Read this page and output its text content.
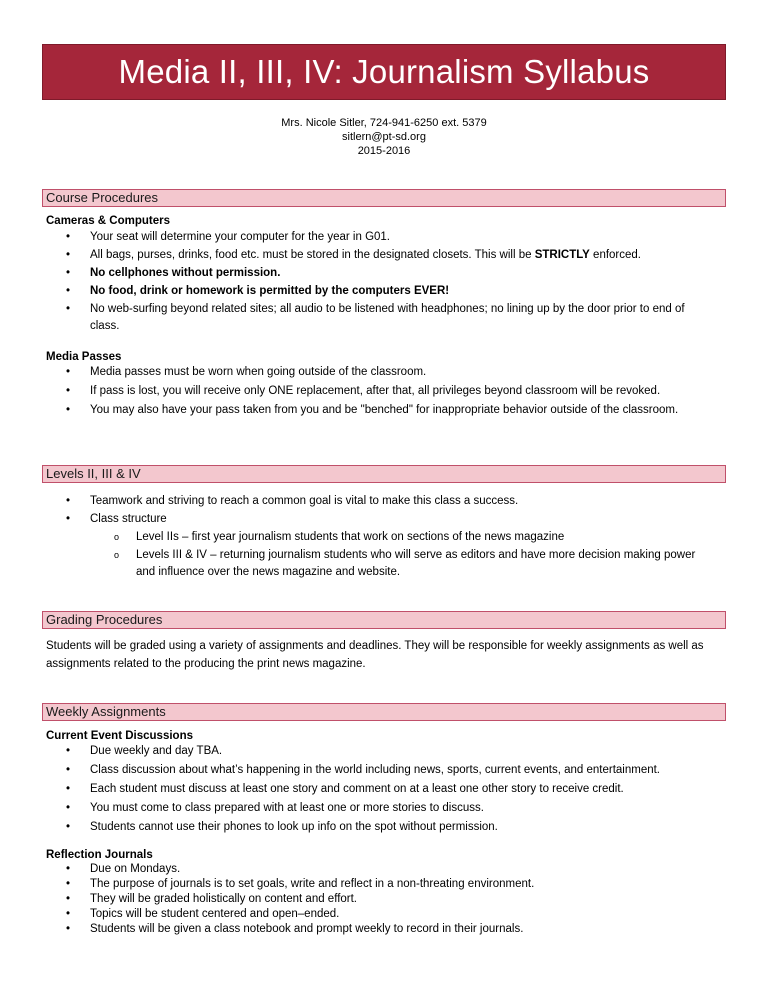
Media II, III, IV: Journalism Syllabus
Mrs. Nicole Sitler, 724-941-6250 ext. 5379
sitlern@pt-sd.org
2015-2016
Course Procedures
Cameras & Computers
• Your seat will determine your computer for the year in G01.
• All bags, purses, drinks, food etc. must be stored in the designated closets. This will be STRICTLY enforced.
• No cellphones without permission.
• No food, drink or homework is permitted by the computers EVER!
• No web-surfing beyond related sites; all audio to be listened with headphones; no lining up by the door prior to end of class.
Media Passes
• Media passes must be worn when going outside of the classroom.
• If pass is lost, you will receive only ONE replacement, after that, all privileges beyond classroom will be revoked.
• You may also have your pass taken from you and be "benched" for inappropriate behavior outside of the classroom.
Levels II, III & IV
• Teamwork and striving to reach a common goal is vital to make this class a success.
• Class structure
o Level IIs – first year journalism students that work on sections of the news magazine
o Levels III & IV – returning journalism students who will serve as editors and have more decision making power and influence over the news magazine and website.
Grading Procedures
Students will be graded using a variety of assignments and deadlines. They will be responsible for weekly assignments as well as assignments related to the producing the print news magazine.
Weekly Assignments
Current Event Discussions
• Due weekly and day TBA.
• Class discussion about what’s happening in the world including news, sports, current events, and entertainment.
• Each student must discuss at least one story and comment on at a least one other story to receive credit.
• You must come to class prepared with at least one or more stories to discuss.
• Students cannot use their phones to look up info on the spot without permission.
Reflection Journals
• Due on Mondays.
• The purpose of journals is to set goals, write and reflect in a non-threating environment.
• They will be graded holistically on content and effort.
• Topics will be student centered and open–ended.
• Students will be given a class notebook and prompt weekly to record in their journals.
